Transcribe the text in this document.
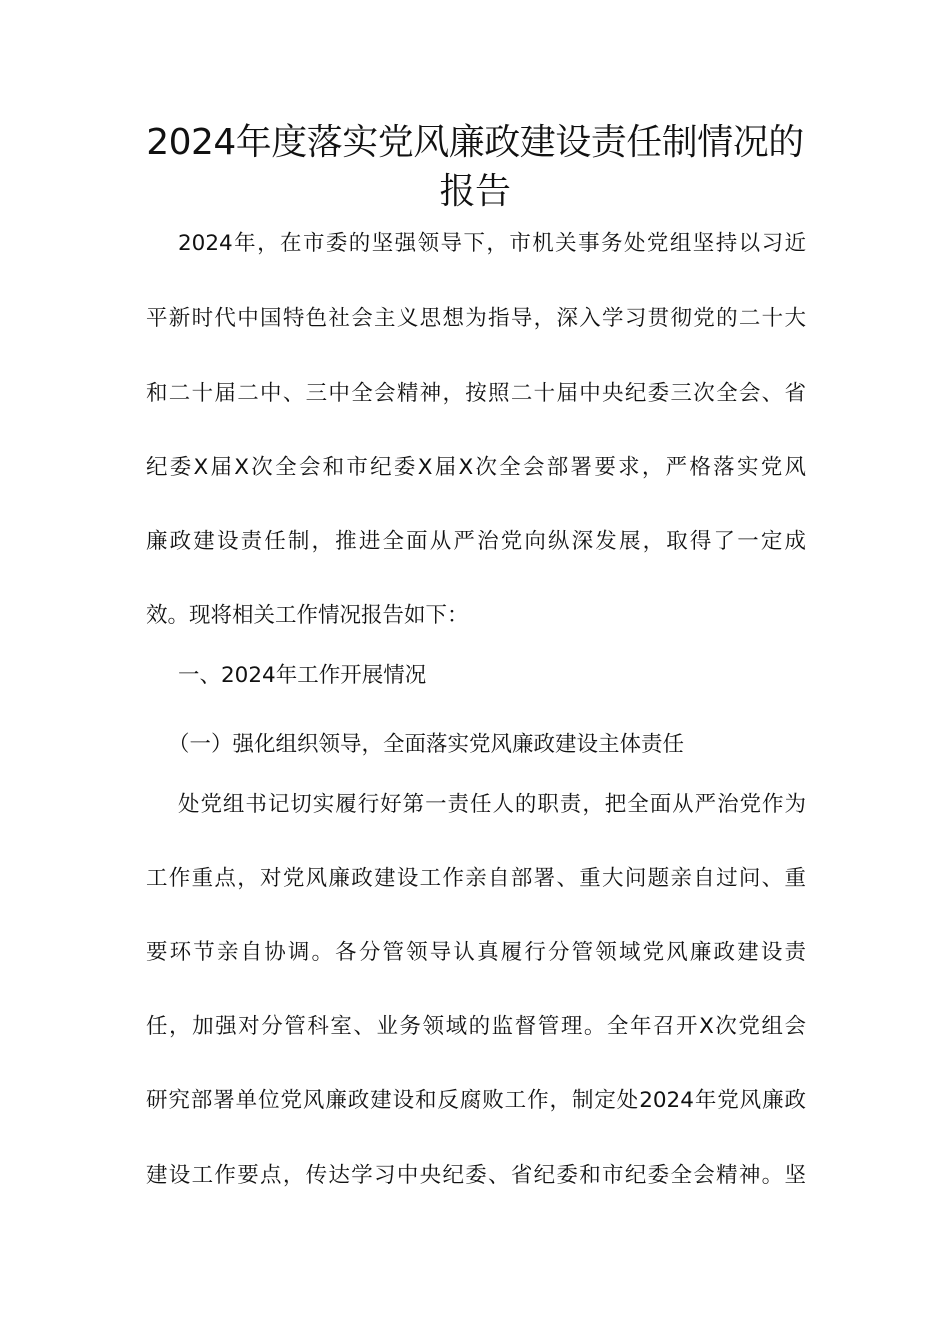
2024年度落实党风廉政建设责任制情况的
报告
2024年，在市委的坚强领导下，市机关事务处党组坚持以习近
平新时代中国特色社会主义思想为指导，深入学习贯彻党的二十大
和二十届二中、三中全会精神，按照二十届中央纪委三次全会、省
纪委X届X次全会和市纪委X届X次全会部署要求，严格落实党风
廉政建设责任制，推进全面从严治党向纵深发展，取得了一定成
效。现将相关工作情况报告如下：
一、2024年工作开展情况
（一）强化组织领导，全面落实党风廉政建设主体责任
处党组书记切实履行好第一责任人的职责，把全面从严治党作为
工作重点，对党风廉政建设工作亲自部署、重大问题亲自过问、重
要环节亲自协调。各分管领导认真履行分管领域党风廉政建设责
任，加强对分管科室、业务领域的监督管理。全年召开X次党组会
研究部署单位党风廉政建设和反腐败工作，制定处2024年党风廉政
建设工作要点，传达学习中央纪委、省纪委和市纪委全会精神。坚
